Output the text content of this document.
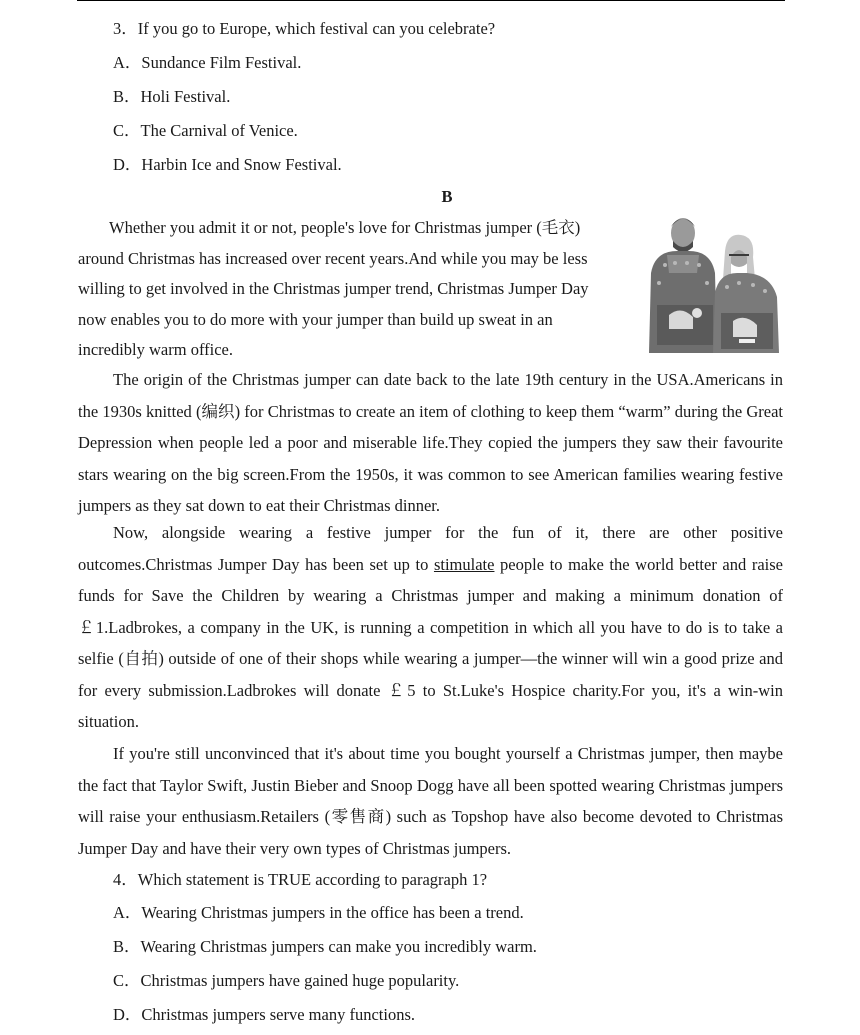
3．If you go to Europe, which festival can you celebrate?
A．Sundance Film Festival.
B．Holi Festival.
C．The Carnival of Venice.
D．Harbin Ice and Snow Festival.
B

Whether you admit it or not, people's love for Christmas jumper (毛衣) around Christmas has increased over recent years.And while you may be less willing to get involved in the Christmas jumper trend, Christmas Jumper Day now enables you to do more with your jumper than build up sweat in an incredibly warm office.

The origin of the Christmas jumper can date back to the late 19th century in the USA.Americans in the 1930s knitted (编织) for Christmas to create an item of clothing to keep them “warm” during the Great Depression when people led a poor and miserable life.They copied the jumpers they saw their favourite stars wearing on the big screen.From the 1950s, it was common to see American families wearing festive jumpers as they sat down to eat their Christmas dinner.

Now, alongside wearing a festive jumper for the fun of it, there are other positive outcomes.Christmas Jumper Day has been set up to stimulate people to make the world better and raise funds for Save the Children by wearing a Christmas jumper and making a minimum donation of ￡1.Ladbrokes, a company in the UK, is running a competition in which all you have to do is to take a selfie (自拍) outside of one of their shops while wearing a jumper—the winner will win a good prize and for every submission.Ladbrokes will donate ￡5 to St.Luke's Hospice charity.For you, it's a win-win situation.

If you're still unconvinced that it's about time you bought yourself a Christmas jumper, then maybe the fact that Taylor Swift, Justin Bieber and Snoop Dogg have all been spotted wearing Christmas jumpers will raise your enthusiasm.Retailers (零售商) such as Topshop have also become devoted to Christmas Jumper Day and have their very own types of Christmas jumpers.

4．Which statement is TRUE according to paragraph 1?
A．Wearing Christmas jumpers in the office has been a trend.
B．Wearing Christmas jumpers can make you incredibly warm.
C．Christmas jumpers have gained huge popularity.
D．Christmas jumpers serve many functions.
